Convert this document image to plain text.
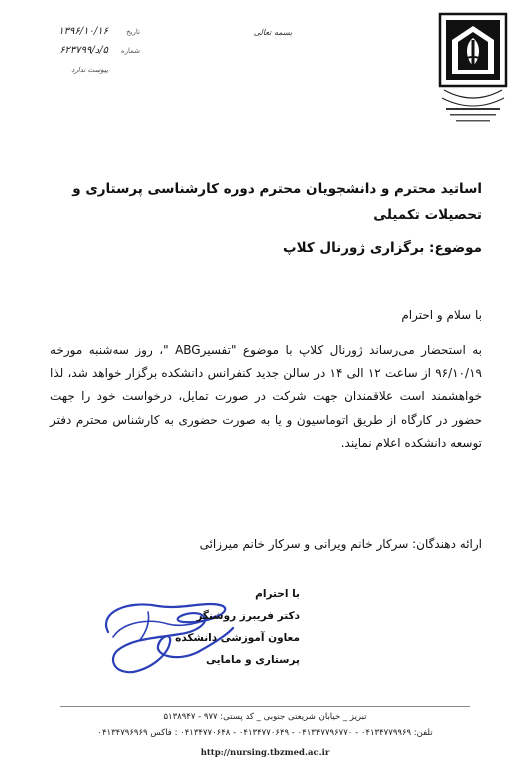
بسمه تعالی
تاریخ
۱۳۹۶/۱۰/۱۶
شماره
۵/د/۶۲۳۷۹۹
پیوست ندارد
اساتید محترم و دانشجویان محترم دوره کارشناسی پرستاری و
تحصیلات تکمیلی
موضوع: برگزاری ژورنال کلاپ
با سلام و احترام
به استحضار می‌رساند ژورنال کلاپ با موضوع "تفسیرABG "، روز سه‌شنبه مورخه ۹۶/۱۰/۱۹ از ساعت ۱۲ الی ۱۴ در سالن جدید کنفرانس دانشکده برگزار خواهد شد، لذا خواهشمند است علاقمندان جهت شرکت در صورت تمایل، درخواست خود را جهت حضور در کارگاه از طریق اتوماسیون و یا به صورت حضوری به کارشناس محترم دفتر توسعه دانشکده اعلام نمایند.
ارائه دهندگان: سرکار خانم ویرانی و سرکار خانم میرزائی
با احترام
دکتر فریبرز روشنگر
معاون آموزشی دانشکده
پرستاری و مامایی
تبریز _ خیابان شریعتی جنوبی _ کد پستی: ۹۷۷ - ۵۱۳۸۹۴۷
تلفن: ۰۴۱۳۴۷۷۹۹۶۹ - ۰۴۱۳۴۷۷۹۶۷۷۰ - ۰۴۱۳۴۷۷۰۶۴۹ - ۰۴۱۳۴۷۷۰۶۴۸ : فاکس ۰۴۱۳۴۷۹۶۹۶۹
http://nursing.tbzmed.ac.ir
